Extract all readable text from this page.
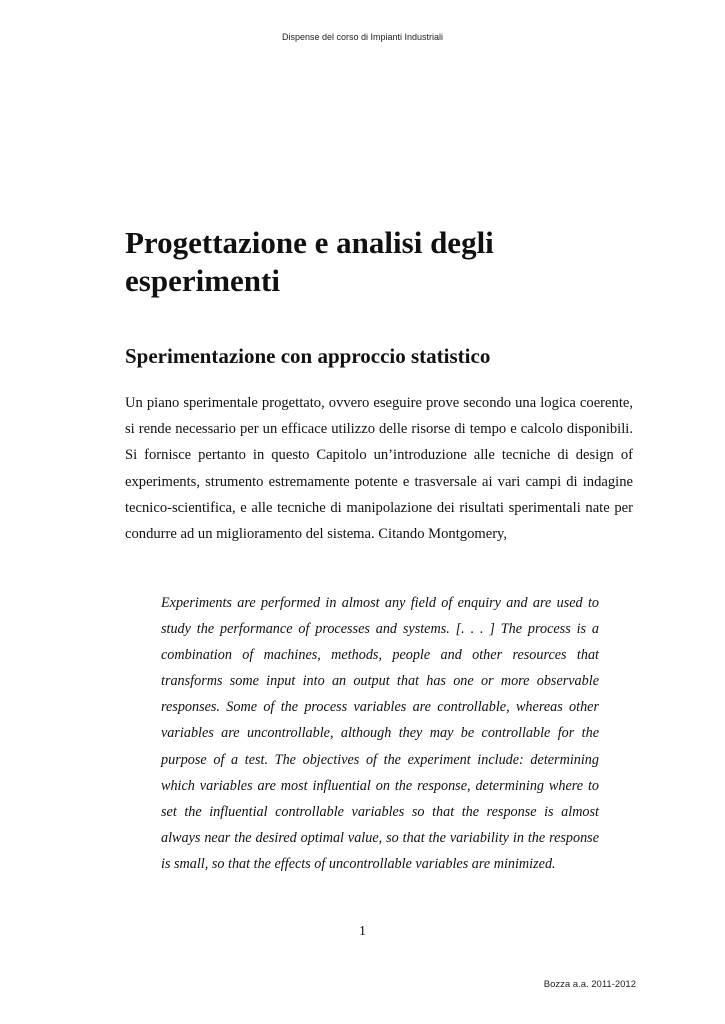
Dispense del corso di Impianti Industriali
Progettazione e analisi degli esperimenti
Sperimentazione con approccio statistico

Un piano sperimentale progettato, ovvero eseguire prove secondo una logica coerente, si rende necessario per un efficace utilizzo delle risorse di tempo e calcolo disponibili. Si fornisce pertanto in questo Capitolo un’introduzione alle tecniche di design of experiments, strumento estremamente potente e trasversale ai vari campi di indagine tecnico-scientifica, e alle tecniche di manipolazione dei risultati sperimentali nate per condurre ad un miglioramento del sistema. Citando Montgomery,

Experiments are performed in almost any field of enquiry and are used to study the performance of processes and systems. [. . . ] The process is a combination of machines, methods, people and other resources that transforms some input into an output that has one or more observable responses. Some of the process variables are controllable, whereas other variables are uncontrollable, although they may be controllable for the purpose of a test. The objectives of the experiment include: determining which variables are most influential on the response, determining where to set the influential controllable variables so that the response is almost always near the desired optimal value, so that the variability in the response is small, so that the effects of uncontrollable variables are minimized.

1
Bozza a.a. 2011-2012
